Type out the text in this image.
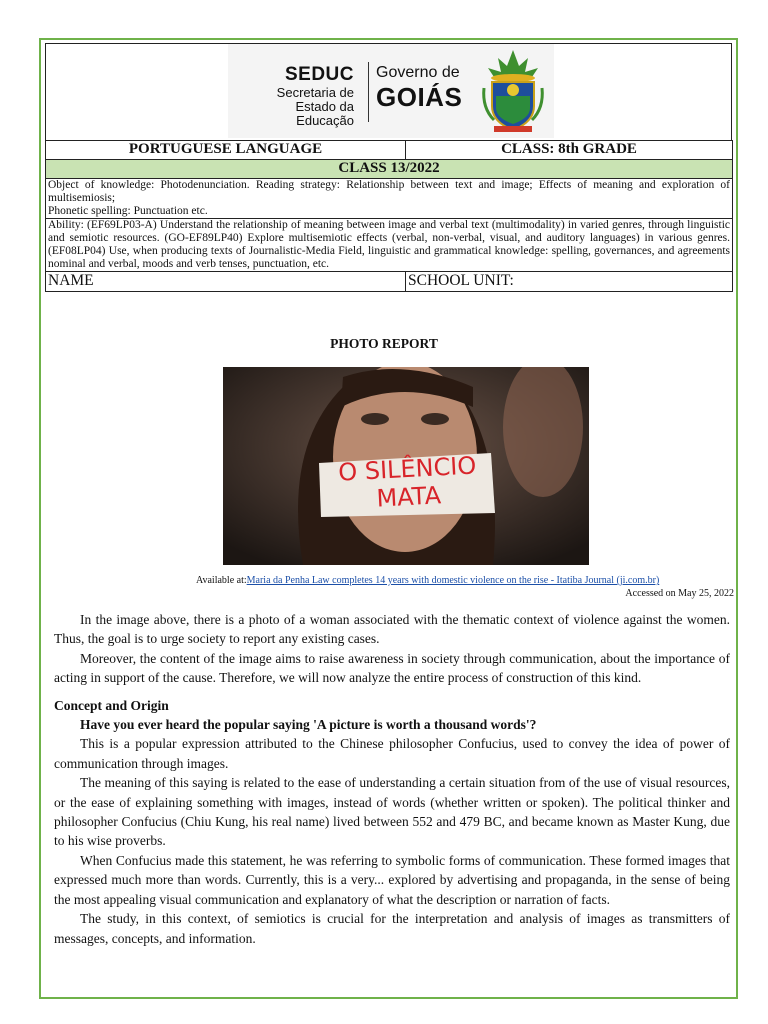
SEDUC
Secretaria de
Estado da Educação
Governo de
GOIÁS
PORTUGUESE LANGUAGE	CLASS: 8th GRADE
CLASS 13/2022	

Object of knowledge: Photodenunciation. Reading strategy: Relationship between text and image; Effects of meaning and exploration of multisemiosis;
Phonetic spelling: Punctuation etc.	

Ability: (EF69LP03-A) Understand the relationship of meaning between image and verbal text (multimodality) in varied genres, through linguistic and semiotic resources. (GO-EF89LP40) Explore multisemiotic effects (verbal, non-verbal, visual, and auditory languages) in various genres. (EF08LP04) Use, when producing texts of Journalistic-Media Field, linguistic and grammatical knowledge: spelling, governances, and agreements nominal and verbal, moods and verb tenses, punctuation, etc.	
NAME	SCHOOL UNIT:
PHOTO REPORT
O SILÊNCIO
MATA
Available at:Maria da Penha Law completes 14 years with domestic violence on the rise - Itatiba Journal (ji.com.br)
Accessed on May 25, 2022

In the image above, there is a photo of a woman associated with the thematic context of violence against the women. Thus, the goal is to urge society to report any existing cases.

Moreover, the content of the image aims to raise awareness in society through communication, about the importance of acting in support of the cause. Therefore, we will now analyze the entire process of construction of this kind.

Concept and Origin

Have you ever heard the popular saying 'A picture is worth a thousand words'?

This is a popular expression attributed to the Chinese philosopher Confucius, used to convey the idea of power of communication through images.

The meaning of this saying is related to the ease of understanding a certain situation from of the use of visual resources, or the ease of explaining something with images, instead of words (whether written or spoken). The political thinker and philosopher Confucius (Chiu Kung, his real name) lived between 552 and 479 BC, and became known as Master Kung, due to his wise proverbs.

When Confucius made this statement, he was referring to symbolic forms of communication. These formed images that expressed much more than words. Currently, this is a very... explored by advertising and propaganda, in the sense of being the most appealing visual communication and explanatory of what the description or narration of facts.

The study, in this context, of semiotics is crucial for the interpretation and analysis of images as transmitters of messages, concepts, and information.
